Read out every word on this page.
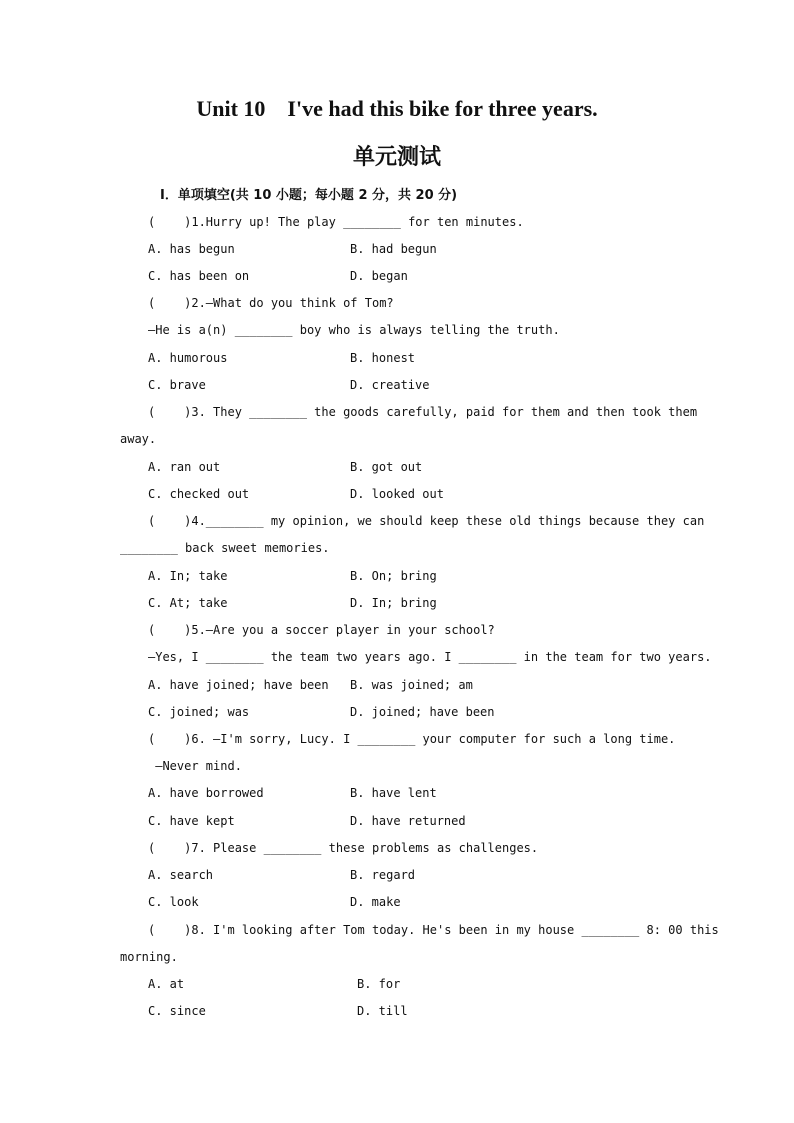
Unit 10    I've had this bike for three years.
单元测试
Ⅰ．单项填空(共 10 小题；每小题 2 分，共 20 分)
(    )1.Hurry up! The play ________ for ten minutes.
A. has begun	B. had begun
C. has been on	D. began
(    )2.—What do you think of Tom?
—He is a(n) ________ boy who is always telling the truth.
A. humorous	B. honest
C. brave	D. creative
(    )3. They ________ the goods carefully, paid for them and then took them
away.
A. ran out	B. got out
C. checked out	D. looked out
(    )4.________ my opinion, we should keep these old things because they can
________ back sweet memories.
A. In; take	B. On; bring
C. At; take	D. In; bring
(    )5.—Are you a soccer player in your school?
—Yes, I ________ the team two years ago. I ________ in the team for two years.
A. have joined; have been B. was joined; am
C. joined; was	D. joined; have been
(    )6. —I'm sorry, Lucy. I ________ your computer for such a long time.
—Never mind.
A. have borrowed	B. have lent
C. have kept	D. have returned
(    )7. Please ________ these problems as challenges.
A. search	B. regard
C. look	D. make
(    )8. I'm looking after Tom today. He's been in my house ________ 8: 00 this
morning.
A. at	B. for
C. since	D. till
